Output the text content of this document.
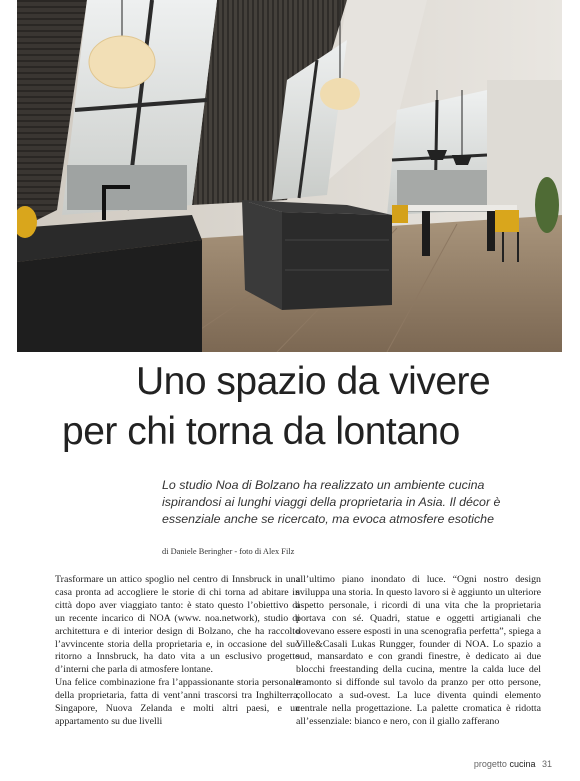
Uno spazio da vivere
per chi torna da lontano
Lo studio Noa di Bolzano ha realizzato un ambiente cucina ispirandosi ai lunghi viaggi della proprietaria in Asia. Il décor è essenziale anche se ricercato, ma evoca atmosfere esotiche
di Daniele Beringher - foto di Alex Filz

Trasformare un attico spoglio nel centro di Innsbruck in una casa pronta ad accogliere le storie di chi torna ad abitare in città dopo aver viaggiato tanto: è stato questo l’obiettivo di un recente incarico di NOA (www. noa.network), studio di architettura e di interior design di Bolzano, che ha raccolto l’avvincente storia della proprietaria e, in occasione del suo ritorno a Innsbruck, ha dato vita a un esclusivo progetto d’interni che parla di atmosfere lontane.

Una felice combinazione fra l’appassionante storia personale della proprietaria, fatta di vent’anni trascorsi tra Inghilterra, Singapore, Nuova Zelanda e molti altri paesi, e un appartamento su due livelli

all’ultimo piano inondato di luce. “Ogni nostro design sviluppa una storia. In questo lavoro si è aggiunto un ulteriore aspetto personale, i ricordi di una vita che la proprietaria portava con sé. Quadri, statue e oggetti artigianali che dovevano essere esposti in una scenografia perfetta”, spiega a Ville&Casali Lukas Rungger, founder di NOA. Lo spazio a sud, mansardato e con grandi finestre, è dedicato ai due blocchi freestanding della cucina, mentre la calda luce del tramonto si diffonde sul tavolo da pranzo per otto persone, collocato a sud-ovest. La luce diventa quindi elemento centrale nella progettazione. La palette cromatica è ridotta all’essenziale: bianco e nero, con il giallo zafferano

progetto cucina 31
